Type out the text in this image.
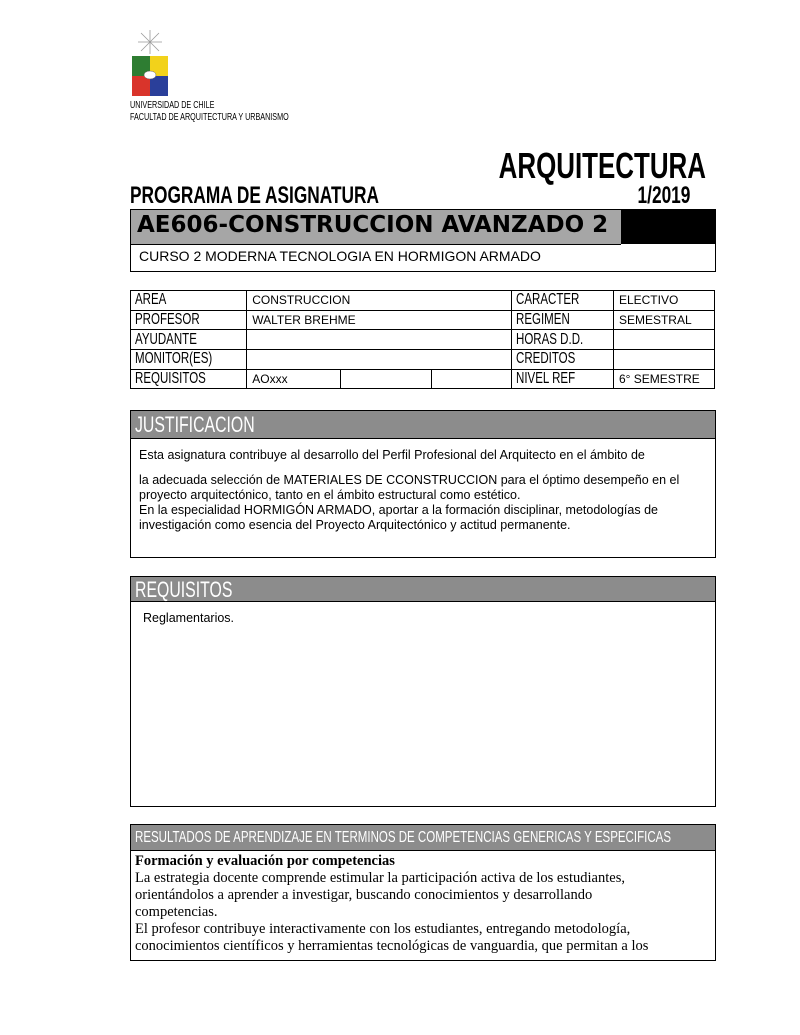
UNIVERSIDAD DE CHILE
FACULTAD DE ARQUITECTURA Y URBANISMO
ARQUITECTURA
PROGRAMA DE ASIGNATURA	1/2019
AE606-CONSTRUCCION AVANZADO 2
CURSO 2 MODERNA TECNOLOGIA EN HORMIGON ARMADO
AREA	CONSTRUCCION			CARACTER	ELECTIVO
PROFESOR	WALTER BREHME			REGIMEN	SEMESTRAL
AYUDANTE				HORAS D.D.	
MONITOR(ES)				CREDITOS	
REQUISITOS	AOxxx			NIVEL REF	6° SEMESTRE
JUSTIFICACION

Esta asignatura contribuye al desarrollo del Perfil Profesional del Arquitecto en el ámbito de

la adecuada selección de MATERIALES DE CCONSTRUCCION para el óptimo desempeño en el

proyecto arquitectónico, tanto en el ámbito estructural como estético.

En la especialidad HORMIGÓN ARMADO, aportar a la formación disciplinar, metodologías de

investigación como esencia del Proyecto Arquitectónico y actitud permanente.

REQUISITOS
Reglamentarios.
RESULTADOS DE APRENDIZAJE EN TERMINOS DE COMPETENCIAS GENERICAS Y ESPECIFICAS
Formación y evaluación por competencias
La estrategia docente comprende estimular la participación activa de los estudiantes,
orientándolos a aprender a investigar, buscando conocimientos y desarrollando
competencias.
El profesor contribuye interactivamente con los estudiantes, entregando metodología,
conocimientos científicos y herramientas tecnológicas de vanguardia, que permitan a los
